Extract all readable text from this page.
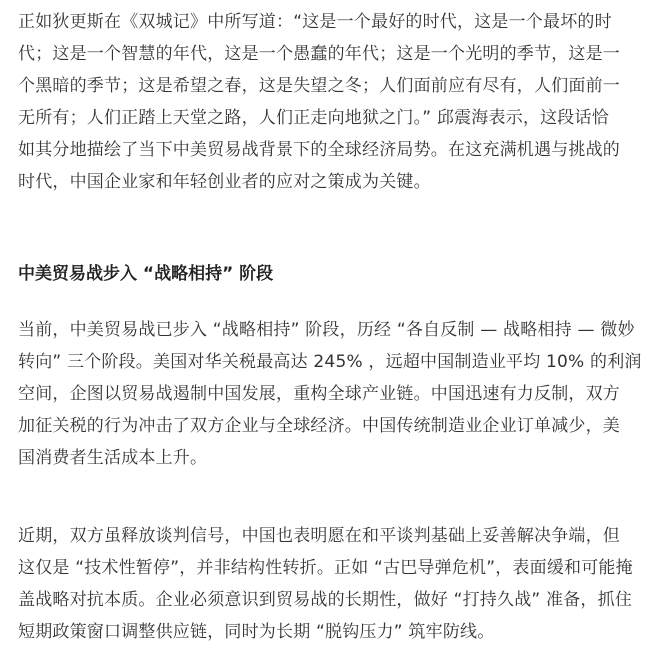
正如狄更斯在《双城记》中所写道：“这是一个最好的时代，这是一个最坏的时
代；这是一个智慧的年代，这是一个愚蠢的年代；这是一个光明的季节，这是一
个黑暗的季节；这是希望之春，这是失望之冬；人们面前应有尽有，人们面前一
无所有；人们正踏上天堂之路，人们正走向地狱之门。” 邱震海表示，这段话恰
如其分地描绘了当下中美贸易战背景下的全球经济局势。在这充满机遇与挑战的
时代，中国企业家和年轻创业者的应对之策成为关键。
中美贸易战步入 “战略相持” 阶段
当前，中美贸易战已步入 “战略相持” 阶段，历经 “各自反制 — 战略相持 — 微妙
转向” 三个阶段。美国对华关税最高达 245% ，远超中国制造业平均 10% 的利润
空间，企图以贸易战遏制中国发展，重构全球产业链。中国迅速有力反制，双方
加征关税的行为冲击了双方企业与全球经济。中国传统制造业企业订单减少，美
国消费者生活成本上升。
近期，双方虽释放谈判信号，中国也表明愿在和平谈判基础上妥善解决争端，但
这仅是 “技术性暂停”，并非结构性转折。正如 “古巴导弹危机”，表面缓和可能掩
盖战略对抗本质。企业必须意识到贸易战的长期性，做好 “打持久战” 准备，抓住
短期政策窗口调整供应链，同时为长期 “脱钩压力” 筑牢防线。
